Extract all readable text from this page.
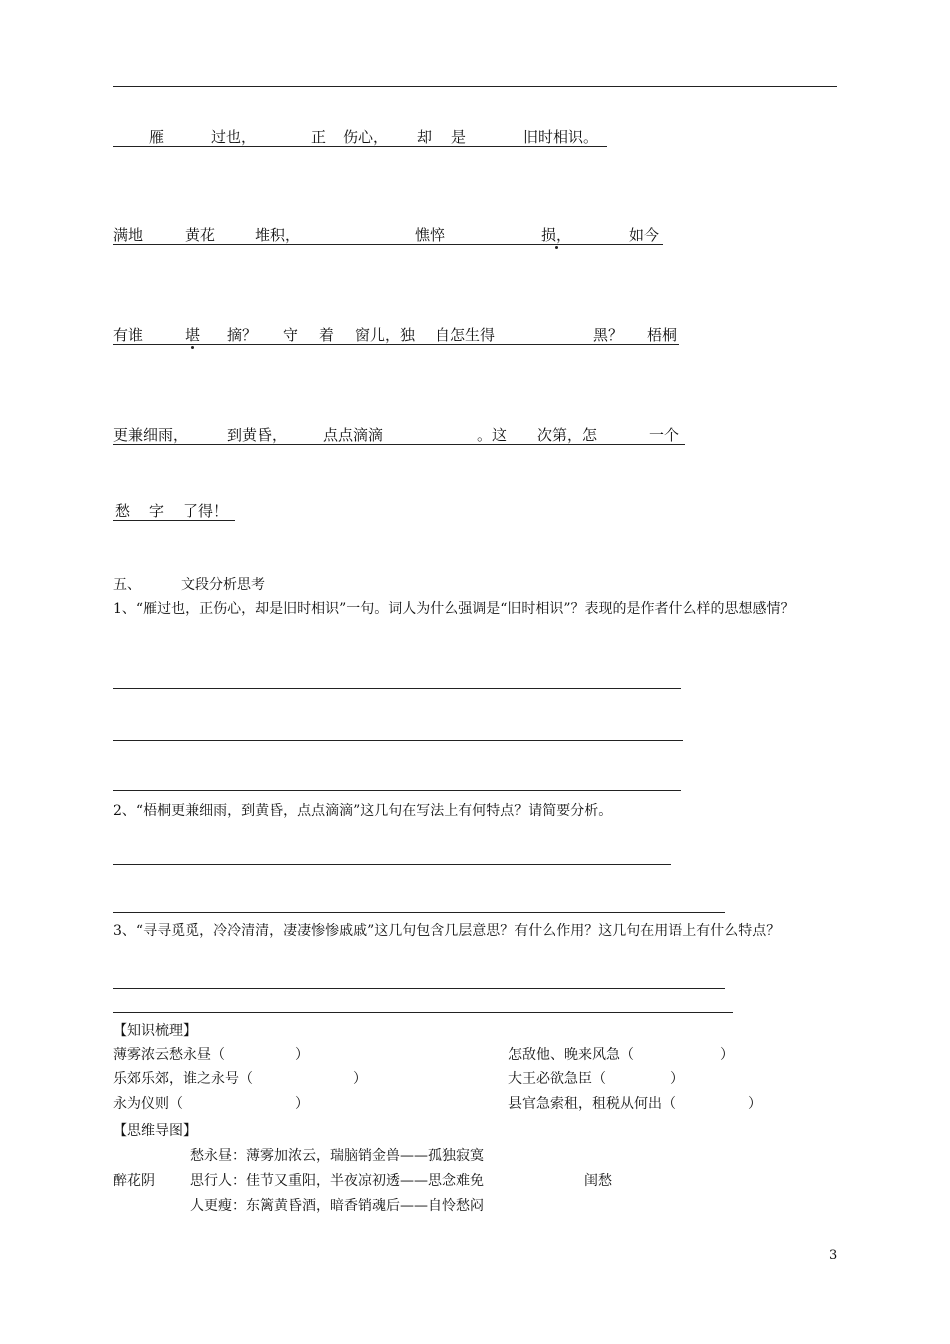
雁	过也，	正 伤心， 却 是	旧时相识。

满地	黄花	堆积，	憔悴	损，	如今

有谁	堪 摘？ 守 着 窗儿，独 自怎生得	黑？ 梧桐

更兼细雨，	到黄昏， 点点滴滴	。这 次第，怎	一个

愁 字 了得！

五、	文段分析思考
1、“雁过也，正伤心，却是旧时相识”一句。词人为什么强调是“旧时相识”？表现的是作者什么样的思想感情？
2、“梧桐更兼细雨，到黄昏，点点滴滴”这几句在写法上有何特点？请简要分析。
3、“寻寻觅觅，冷冷清清，凄凄惨惨戚戚”这几句包含几层意思？有什么作用？这几句在用语上有什么特点？
【知识梳理】
薄雾浓云愁永昼（	）	怎敌他、晚来风急（	）
乐郊乐郊，谁之永号（	）	大王必欲急臣（	）
永为仪则（	）	县官急索租，租税从何出（	）
【思维导图】
愁永昼：薄雾加浓云，瑞脑销金兽——孤独寂寞
醉花阴	思行人：佳节又重阳，半夜凉初透——思念难免	闺愁
人更瘦：东篱黄昏酒，暗香销魂后——自怜愁闷
3
